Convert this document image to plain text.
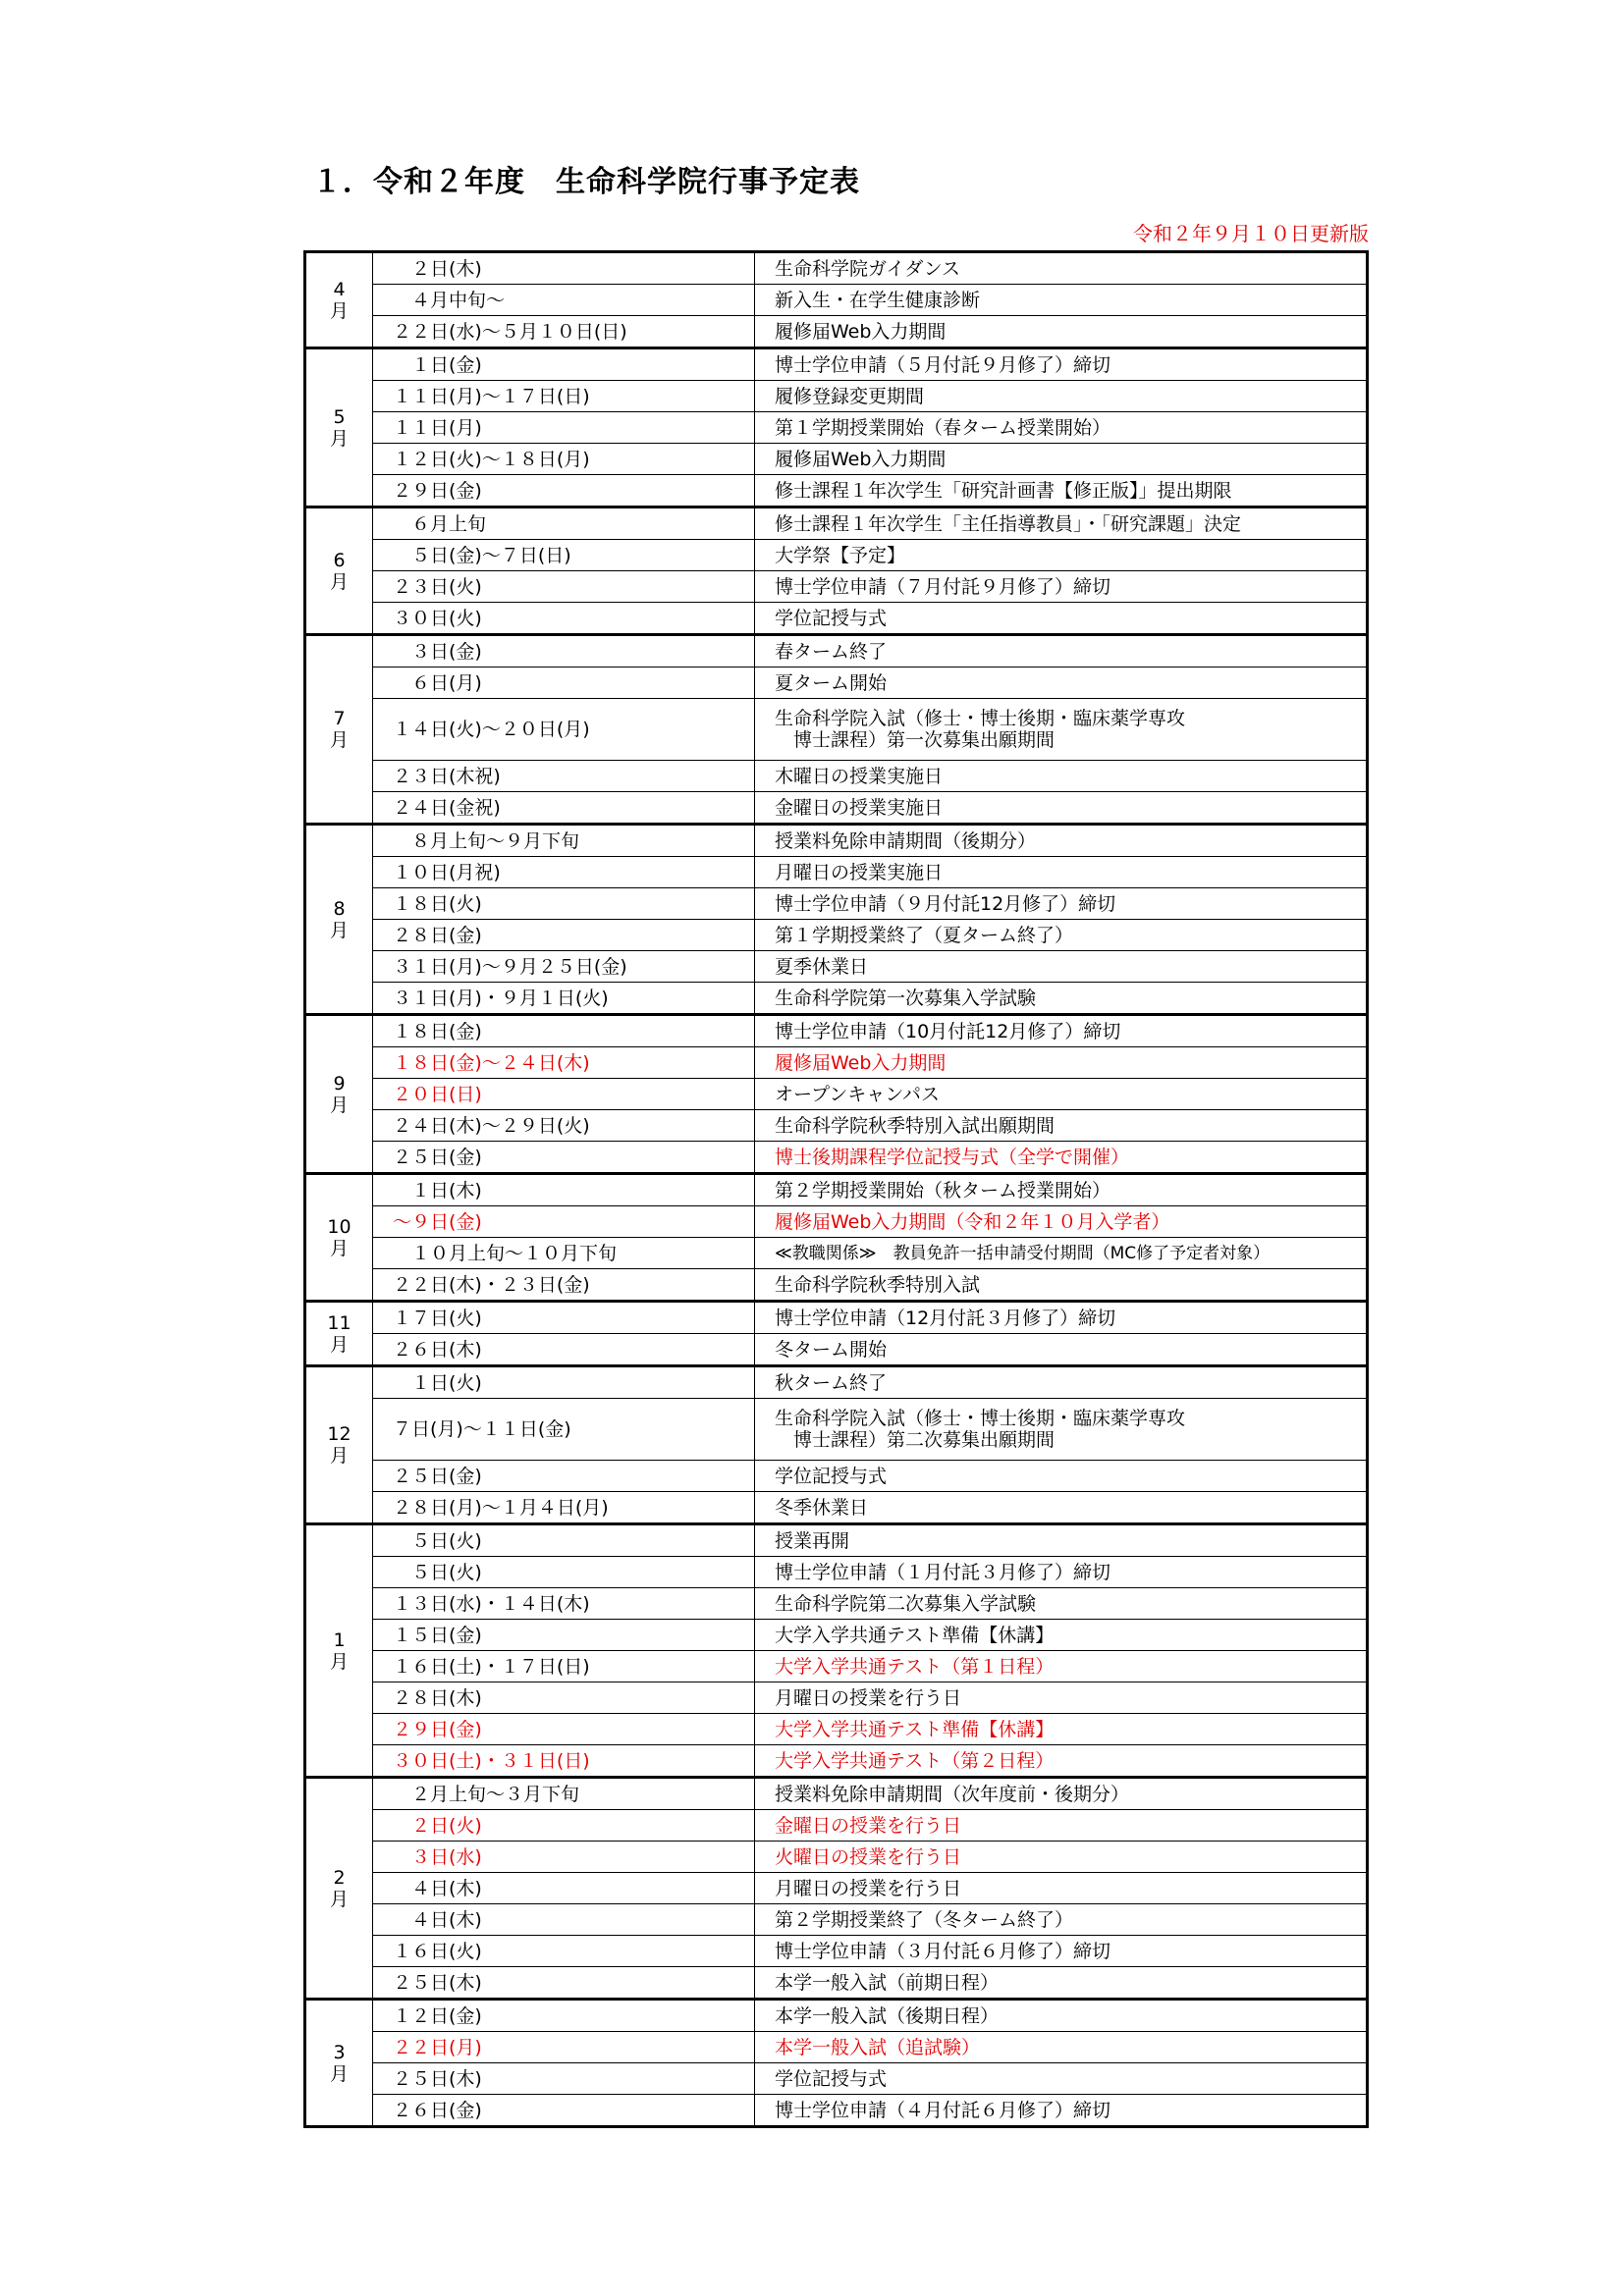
１．令和２年度　生命科学院行事予定表
令和２年９月１０日更新版
4
月	　２日(木)	生命科学院ガイダンス
	　４月中旬～	新入生・在学生健康診断
	２２日(水)～５月１０日(日)	履修届Web入力期間
5
月	　１日(金)	博士学位申請（５月付託９月修了）締切
	１１日(月)～１７日(日)	履修登録変更期間
	１１日(月)	第１学期授業開始（春ターム授業開始）
	１２日(火)～１８日(月)	履修届Web入力期間
	２９日(金)	修士課程１年次学生「研究計画書【修正版】」提出期限
6
月	　６月上旬	修士課程１年次学生「主任指導教員」・「研究課題」決定
	　５日(金)～７日(日)	大学祭【予定】
	２３日(火)	博士学位申請（７月付託９月修了）締切
	３０日(火)	学位記授与式
7
月	　３日(金)	春ターム終了
	　６日(月)	夏ターム開始
	１４日(火)～２０日(月)	生命科学院入試（修士・博士後期・臨床薬学専攻
　博士課程）第一次募集出願期間
	２３日(木祝)	木曜日の授業実施日
	２４日(金祝)	金曜日の授業実施日
8
月	　８月上旬～９月下旬	授業料免除申請期間（後期分）
	１０日(月祝)	月曜日の授業実施日
	１８日(火)	博士学位申請（９月付託12月修了）締切
	２８日(金)	第１学期授業終了（夏ターム終了）
	３１日(月)～９月２５日(金)	夏季休業日
	３１日(月)・９月１日(火)	生命科学院第一次募集入学試験
9
月	１８日(金)	博士学位申請（10月付託12月修了）締切
	１８日(金)～２４日(木)	履修届Web入力期間
	２０日(日)	オープンキャンパス
	２４日(木)～２９日(火)	生命科学院秋季特別入試出願期間
	２５日(金)	博士後期課程学位記授与式（全学で開催）
10
月	　１日(木)	第２学期授業開始（秋ターム授業開始）
	～９日(金)	履修届Web入力期間（令和２年１０月入学者）
	　１０月上旬～１０月下旬	≪教職関係≫　教員免許一括申請受付期間（MC修了予定者対象）
	２２日(木)・２３日(金)	生命科学院秋季特別入試
11
月	１７日(火)	博士学位申請（12月付託３月修了）締切
	２６日(木)	冬ターム開始
12
月	　１日(火)	秋ターム終了
	７日(月)～１１日(金)	生命科学院入試（修士・博士後期・臨床薬学専攻
　博士課程）第二次募集出願期間
	２５日(金)	学位記授与式
	２８日(月)～１月４日(月)	冬季休業日
1
月	　５日(火)	授業再開
	　５日(火)	博士学位申請（１月付託３月修了）締切
	１３日(水)・１４日(木)	生命科学院第二次募集入学試験
	１５日(金)	大学入学共通テスト準備【休講】
	１６日(土)・１７日(日)	大学入学共通テスト（第１日程）
	２８日(木)	月曜日の授業を行う日
	２９日(金)	大学入学共通テスト準備【休講】
	３０日(土)・３１日(日)	大学入学共通テスト（第２日程）
2
月	　２月上旬～３月下旬	授業料免除申請期間（次年度前・後期分）
	　２日(火)	金曜日の授業を行う日
	　３日(水)	火曜日の授業を行う日
	　４日(木)	月曜日の授業を行う日
	　４日(木)	第２学期授業終了（冬ターム終了）
	１６日(火)	博士学位申請（３月付託６月修了）締切
	２５日(木)	本学一般入試（前期日程）
3
月	１２日(金)	本学一般入試（後期日程）
	２２日(月)	本学一般入試（追試験）
	２５日(木)	学位記授与式
	２６日(金)	博士学位申請（４月付託６月修了）締切
